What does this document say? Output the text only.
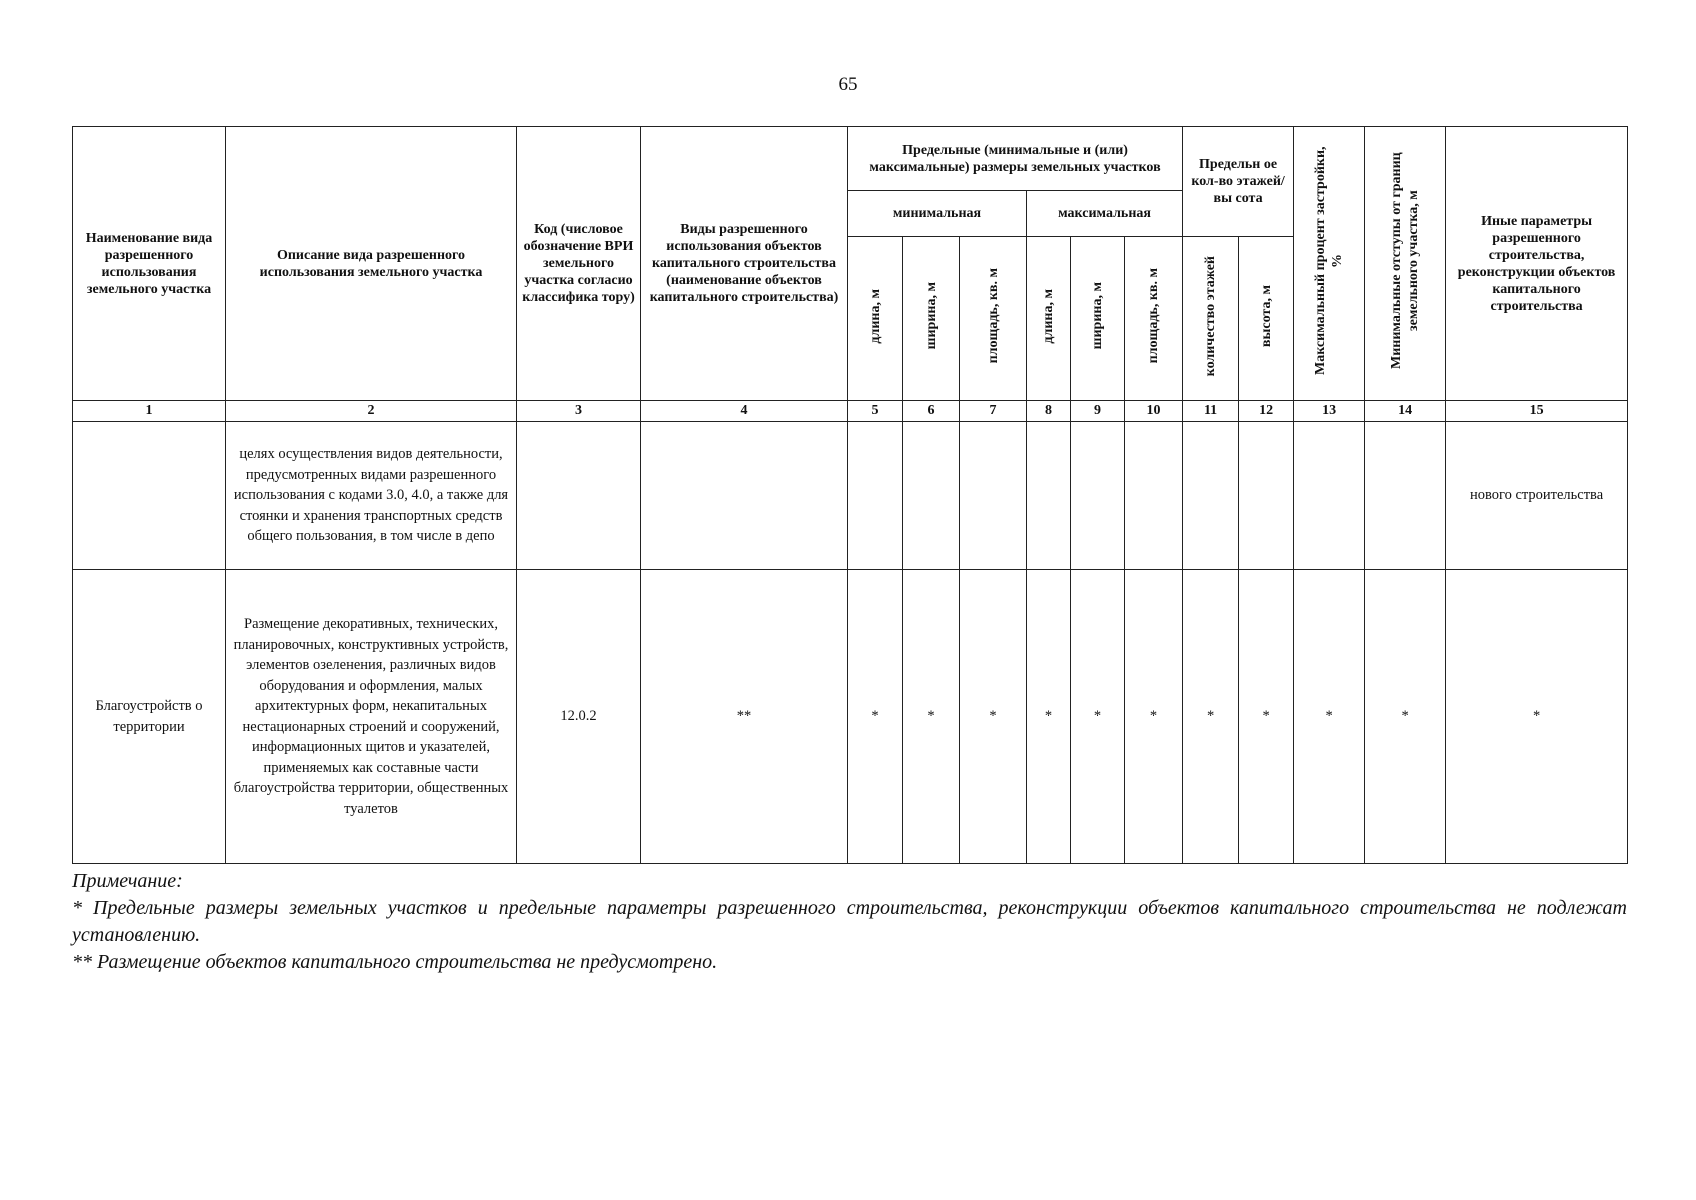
65
Наименование вида разрешенного использования земельного участка	Описание вида разрешенного использования земельного участка	Код (числовое обозначение ВРИ земельного участка согласио классифика тору)	Виды разрешенного использования объектов капитального строительства (наименование объектов капитального строительства)	Предельные (минимальные и (или) максимальные) размеры земельных участков						Предельн ое кол-во этажей/вы сота		Максимальный процент застройки, %	Минимальные отступы от границ земельного участка, м	Иные параметры разрешенного строительства, реконструкции объектов капитального строительства
				минимальная			максимальная							
				длина, м	ширина, м	площадь, кв. м	длина, м	ширина, м	площадь, кв. м	количество этажей	высота, м			
1	2	3	4	5	6	7	8	9	10	11	12	13	14	15
	целях осуществления видов деятельности, предусмотренных видами разрешенного использования с кодами 3.0, 4.0, а также для стоянки и хранения транспортных средств общего пользования, в том числе в депо													нового строительства
Благоустройств о территории	Размещение декоративных, технических, планировочных, конструктивных устройств, элементов озеленения, различных видов оборудования и оформления, малых архитектурных форм, некапитальных нестационарных строений и сооружений, информационных щитов и указателей, применяемых как составные части благоустройства территории, общественных туалетов	12.0.2	**	*	*	*	*	*	*	*	*	*	*	*

Примечание:

* Предельные размеры земельных участков и предельные параметры разрешенного строительства, реконструкции объектов капитального строительства не подлежат установлению.

** Размещение объектов капитального строительства не предусмотрено.
